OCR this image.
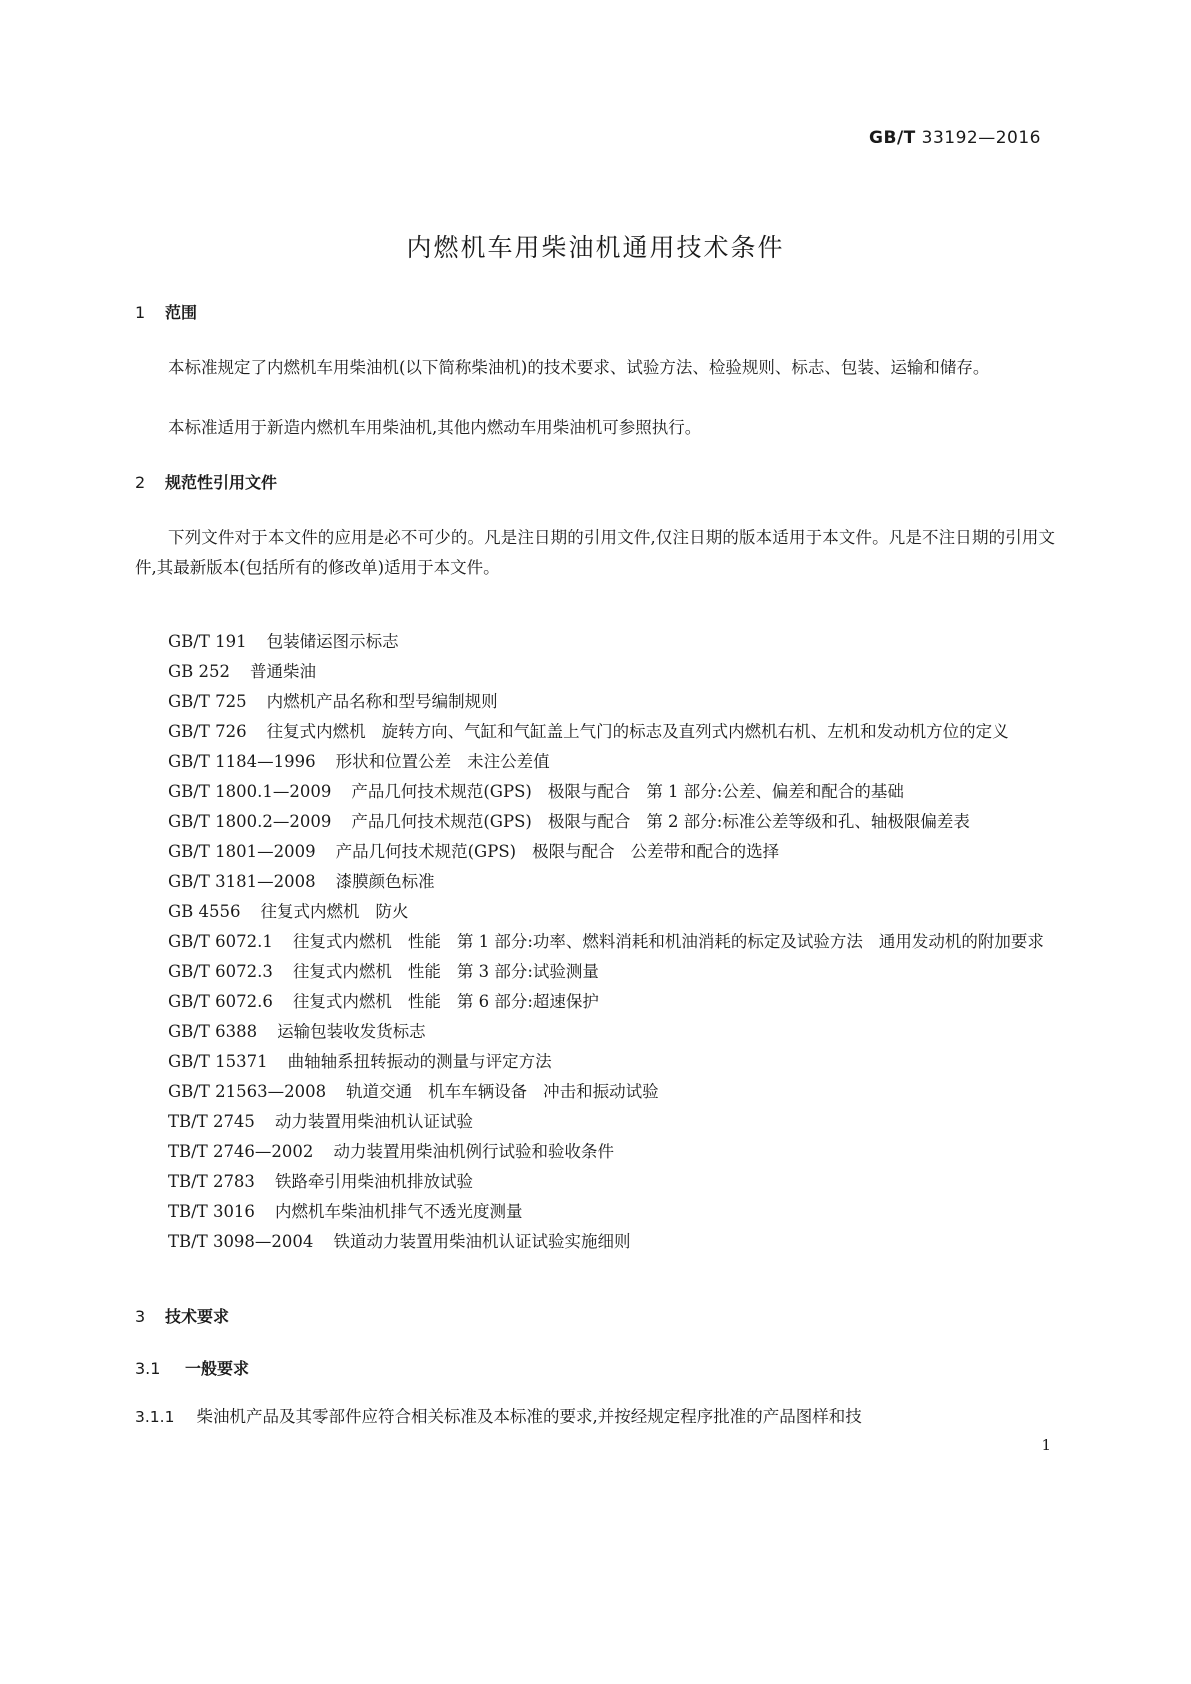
GB/T 33192—2016
内燃机车用柴油机通用技术条件
1 范围
本标准规定了内燃机车用柴油机(以下简称柴油机)的技术要求、试验方法、检验规则、标志、包装、运输和储存。
本标准适用于新造内燃机车用柴油机,其他内燃动车用柴油机可参照执行。
2 规范性引用文件
下列文件对于本文件的应用是必不可少的。凡是注日期的引用文件,仅注日期的版本适用于本文件。凡是不注日期的引用文件,其最新版本(包括所有的修改单)适用于本文件。
GB/T 191 包装储运图示标志
GB 252 普通柴油
GB/T 725 内燃机产品名称和型号编制规则
GB/T 726 往复式内燃机 旋转方向、气缸和气缸盖上气门的标志及直列式内燃机右机、左机和发动机方位的定义
GB/T 1184—1996 形状和位置公差 未注公差值
GB/T 1800.1—2009 产品几何技术规范(GPS) 极限与配合 第 1 部分:公差、偏差和配合的基础
GB/T 1800.2—2009 产品几何技术规范(GPS) 极限与配合 第 2 部分:标准公差等级和孔、轴极限偏差表
GB/T 1801—2009 产品几何技术规范(GPS) 极限与配合 公差带和配合的选择
GB/T 3181—2008 漆膜颜色标准
GB 4556 往复式内燃机 防火
GB/T 6072.1 往复式内燃机 性能 第 1 部分:功率、燃料消耗和机油消耗的标定及试验方法 通用发动机的附加要求
GB/T 6072.3 往复式内燃机 性能 第 3 部分:试验测量
GB/T 6072.6 往复式内燃机 性能 第 6 部分:超速保护
GB/T 6388 运输包装收发货标志
GB/T 15371 曲轴轴系扭转振动的测量与评定方法
GB/T 21563—2008 轨道交通 机车车辆设备 冲击和振动试验
TB/T 2745 动力装置用柴油机认证试验
TB/T 2746—2002 动力装置用柴油机例行试验和验收条件
TB/T 2783 铁路牵引用柴油机排放试验
TB/T 3016 内燃机车柴油机排气不透光度测量
TB/T 3098—2004 铁道动力装置用柴油机认证试验实施细则
3 技术要求
3.1 一般要求
3.1.1 柴油机产品及其零部件应符合相关标准及本标准的要求,并按经规定程序批准的产品图样和技
1
